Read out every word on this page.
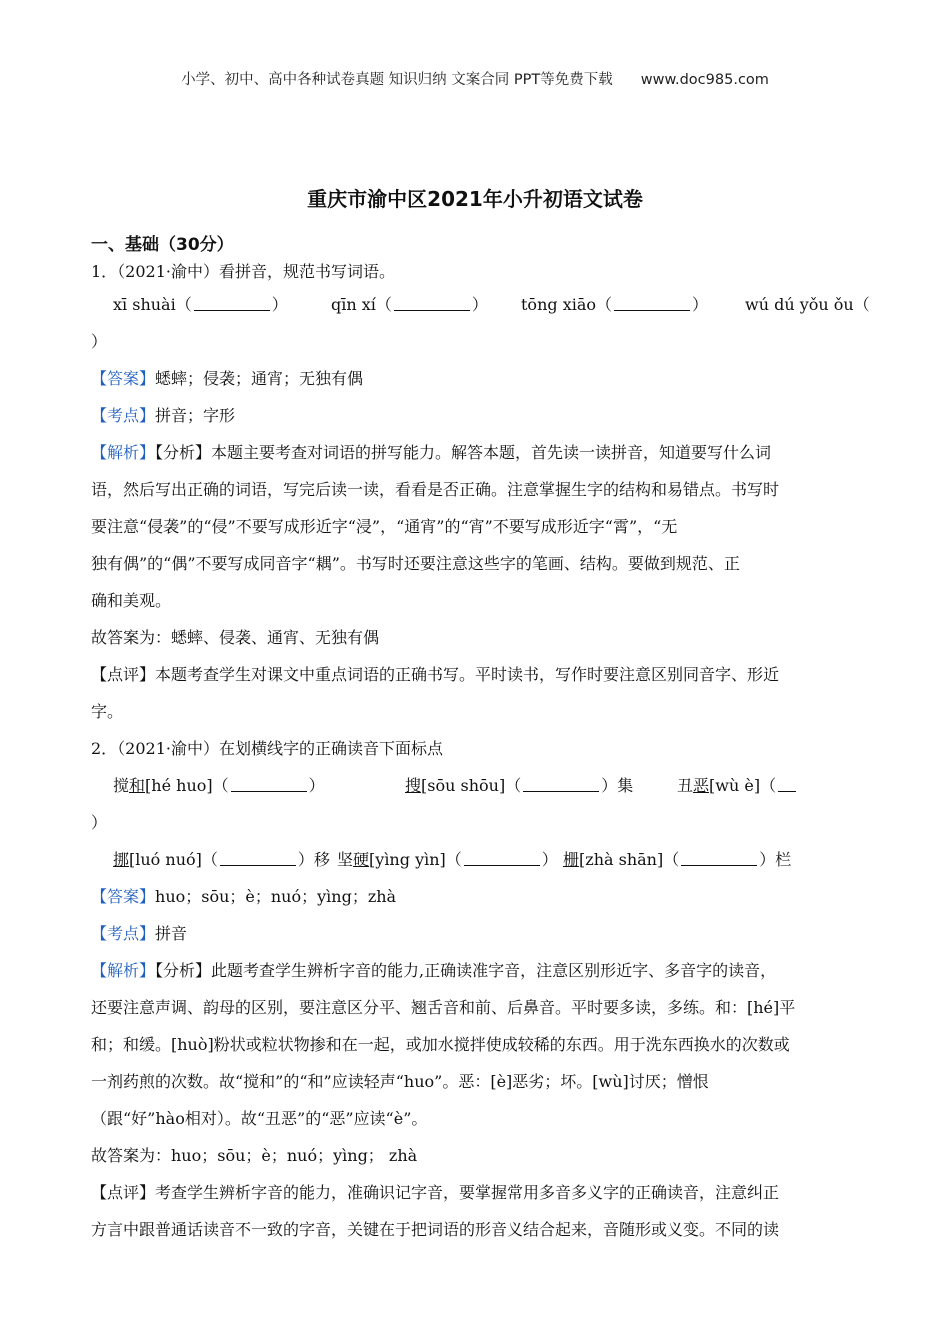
小学、初中、高中各种试卷真题 知识归纳 文案合同 PPT等免费下载 www.doc985.com
重庆市渝中区2021年小升初语文试卷
一、基础（30分）
1．（2021·渝中）看拼音，规范书写词语。
xī shuài（	）	qīn xí（	） tōng xiāo（	） wú dú yǒu ǒu（
）
【答案】蟋蟀；侵袭；通宵；无独有偶
【考点】拼音；字形
【解析】【分析】本题主要考查对词语的拼写能力。解答本题，首先读一读拼音，知道要写什么词
语，然后写出正确的词语，写完后读一读，看看是否正确。注意掌握生字的结构和易错点。书写时
要注意“侵袭”的“侵”不要写成形近字“浸”，“通宵”的“宵”不要写成形近字“霄”，“无
独有偶”的“偶”不要写成同音字“耦”。书写时还要注意这些字的笔画、结构。要做到规范、正
确和美观。
故答案为：蟋蟀、侵袭、通宵、无独有偶
【点评】本题考查学生对课文中重点词语的正确书写。平时读书，写作时要注意区别同音字、形近
字。
2．（2021·渝中）在划横线字的正确读音下面标点
搅和[hé huo]（	）	搜[sōu shōu]（	）集	丑恶[wù è]（
）
挪[luó nuó]（	）移 坚硬[yìng yìn]（	） 栅[zhà shān]（	）栏
【答案】huo；sōu；è；nuó；yìng；zhà
【考点】拼音
【解析】【分析】此题考查学生辨析字音的能力,正确读准字音，注意区别形近字、多音字的读音，
还要注意声调、韵母的区别，要注意区分平、翘舌音和前、后鼻音。平时要多读，多练。和：[hé]平
和；和缓。[huò]粉状或粒状物掺和在一起，或加水搅拌使成较稀的东西。用于洗东西换水的次数或
一剂药煎的次数。故“搅和”的“和”应读轻声“huo”。恶：[è]恶劣；坏。[wù]讨厌；憎恨
（跟“好”hào相对）。故“丑恶”的“恶”应读“è”。
故答案为：huo；sōu；è；nuó；yìng； zhà
【点评】考查学生辨析字音的能力，准确识记字音，要掌握常用多音多义字的正确读音，注意纠正
方言中跟普通话读音不一致的字音，关键在于把词语的形音义结合起来，音随形或义变。不同的读
